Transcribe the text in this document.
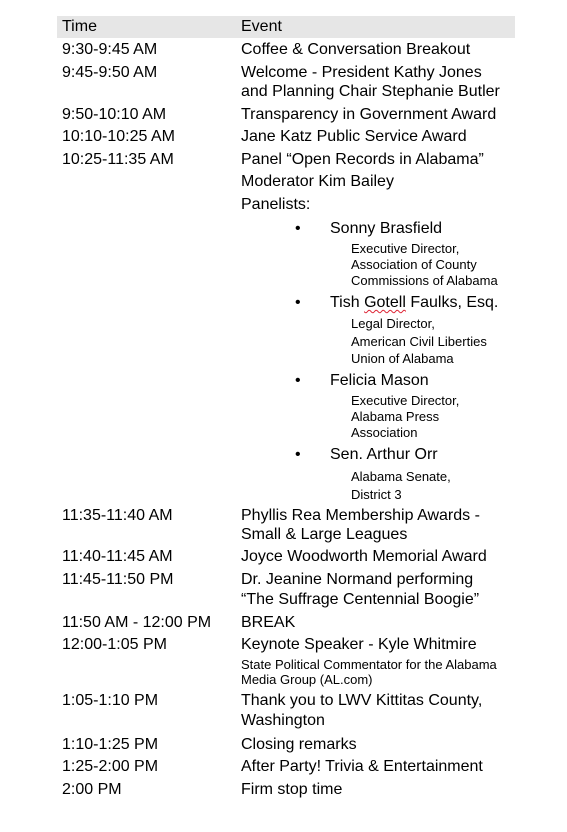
Time	Event
9:30-9:45 AM	Coffee & Conversation Breakout
9:45-9:50 AM	Welcome - President Kathy Jones
and Planning Chair Stephanie Butler
9:50-10:10 AM	Transparency in Government Award
10:10-10:25 AM	Jane Katz Public Service Award
10:25-11:35 AM	Panel “Open Records in Alabama”
Moderator Kim Bailey
Panelists:
• Sonny Brasfield
Executive Director,
Association of County
Commissions of Alabama
• Tish Gotell Faulks, Esq.
Legal Director,
American Civil Liberties
Union of Alabama
• Felicia Mason
Executive Director,
Alabama Press
Association
• Sen. Arthur Orr
Alabama Senate,
District 3
11:35-11:40 AM	Phyllis Rea Membership Awards -
Small & Large Leagues
11:40-11:45 AM	Joyce Woodworth Memorial Award
11:45-11:50 PM	Dr. Jeanine Normand performing
“The Suffrage Centennial Boogie”
11:50 AM - 12:00 PM BREAK
12:00-1:05 PM	Keynote Speaker - Kyle Whitmire
State Political Commentator for the Alabama
Media Group (AL.com)
1:05-1:10 PM	Thank you to LWV Kittitas County,
Washington
1:10-1:25 PM	Closing remarks
1:25-2:00 PM	After Party! Trivia & Entertainment
2:00 PM	Firm stop time
